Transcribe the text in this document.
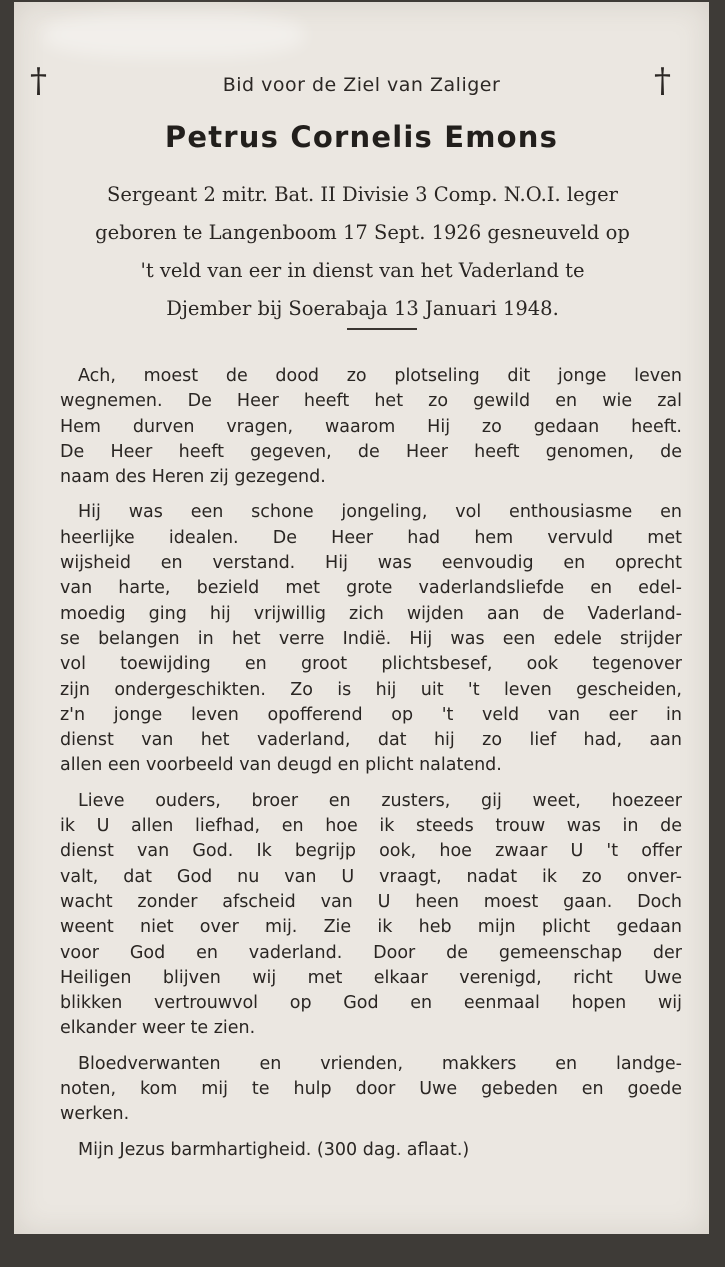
†	†
Bid voor de Ziel van Zaliger
Petrus Cornelis Emons
Sergeant 2 mitr. Bat. II Divisie 3 Comp. N.O.I. leger
geboren te Langenboom 17 Sept. 1926 gesneuveld op
't veld van eer in dienst van het Vaderland te
Djember bij Soerabaja 13 Januari 1948.
Ach, moest de dood zo plotseling dit jonge leven
wegnemen. De Heer heeft het zo gewild en wie zal
Hem durven vragen, waarom Hij zo gedaan heeft.
De Heer heeft gegeven, de Heer heeft genomen, de
naam des Heren zij gezegend.
Hij was een schone jongeling, vol enthousiasme en
heerlijke idealen. De Heer had hem vervuld met
wijsheid en verstand. Hij was eenvoudig en oprecht
van harte, bezield met grote vaderlandsliefde en edel-
moedig ging hij vrijwillig zich wijden aan de Vaderland-
se belangen in het verre Indië. Hij was een edele strijder
vol toewijding en groot plichtsbesef, ook tegenover
zijn ondergeschikten. Zo is hij uit 't leven gescheiden,
z'n jonge leven opofferend op 't veld van eer in
dienst van het vaderland, dat hij zo lief had, aan
allen een voorbeeld van deugd en plicht nalatend.
Lieve ouders, broer en zusters, gij weet, hoezeer
ik U allen liefhad, en hoe ik steeds trouw was in de
dienst van God. Ik begrijp ook, hoe zwaar U 't offer
valt, dat God nu van U vraagt, nadat ik zo onver-
wacht zonder afscheid van U heen moest gaan. Doch
weent niet over mij. Zie ik heb mijn plicht gedaan
voor God en vaderland. Door de gemeenschap der
Heiligen blijven wij met elkaar verenigd, richt Uwe
blikken vertrouwvol op God en eenmaal hopen wij
elkander weer te zien.
Bloedverwanten en vrienden, makkers en landge-
noten, kom mij te hulp door Uwe gebeden en goede
werken.
Mijn Jezus barmhartigheid. (300 dag. aflaat.)
